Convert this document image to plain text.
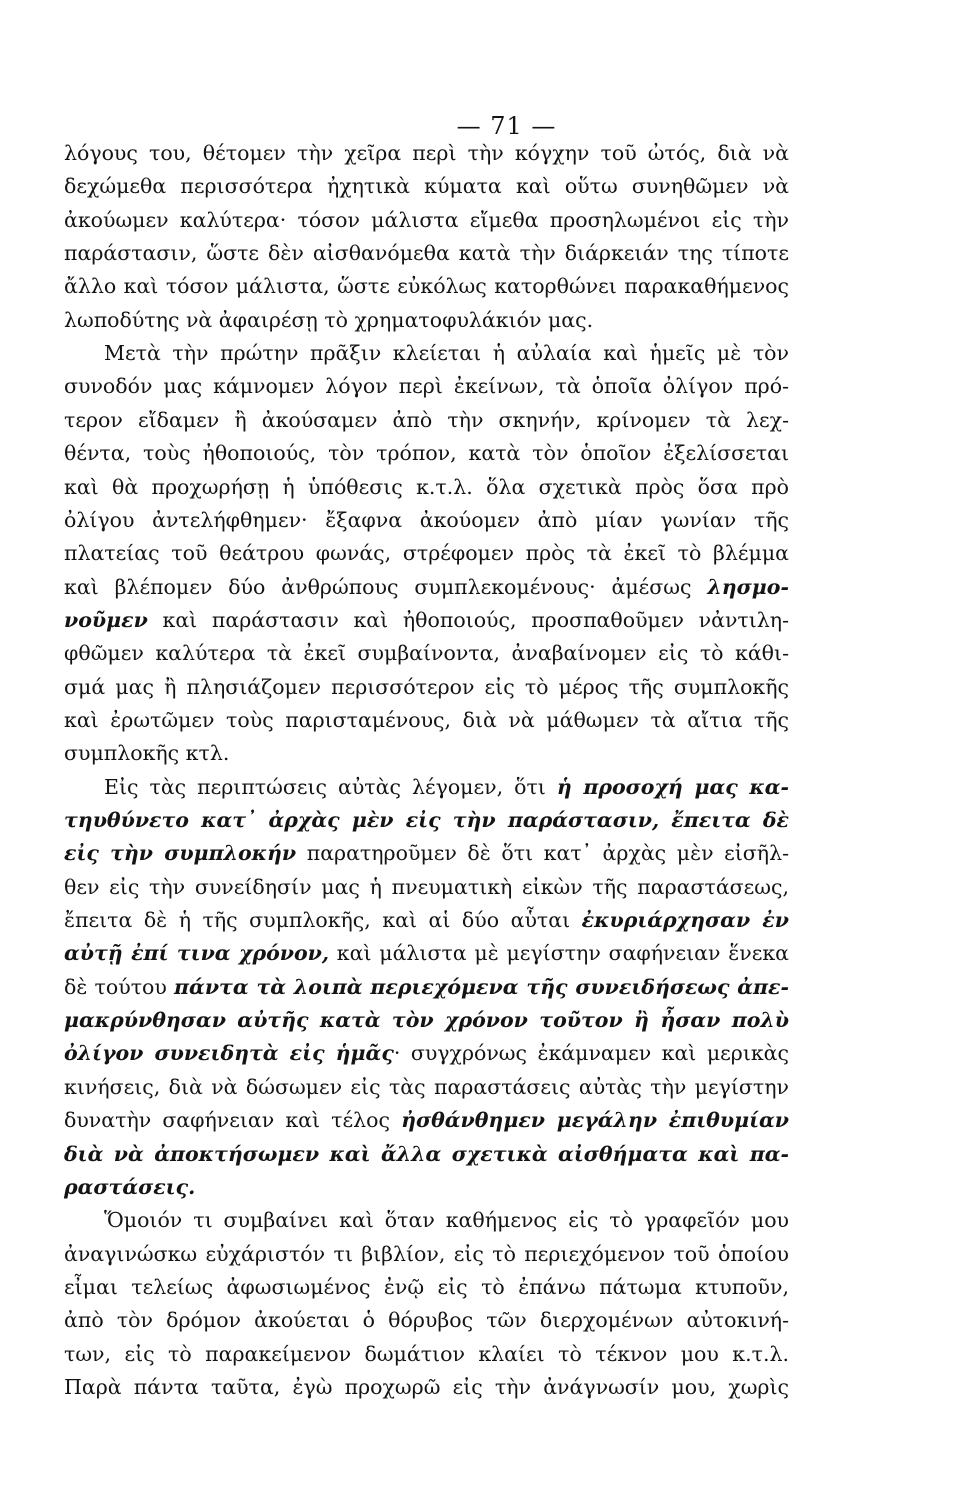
— 71 —
λόγους του, θέτομεν τὴν χεῖρα περὶ τὴν κόγχην τοῦ ὠτός, διὰ νὰ
δεχώμεθα περισσότερα ἠχητικὰ κύματα καὶ οὕτω συνηθῶμεν νὰ
ἀκούωμεν καλύτερα· τόσον μάλιστα εἴμεθα προσηλωμένοι εἰς τὴν
παράστασιν, ὥστε δὲν αἰσθανόμεθα κατὰ τὴν διάρκειάν της τίποτε
ἄλλο καὶ τόσον μάλιστα, ὥστε εὐκόλως κατορθώνει παρακαθήμενος
λωποδύτης νὰ ἀφαιρέσῃ τὸ χρηματοφυλάκιόν μας.
Μετὰ τὴν πρώτην πρᾶξιν κλείεται ἡ αὐλαία καὶ ἡμεῖς μὲ τὸν
συνοδόν μας κάμνομεν λόγον περὶ ἐκείνων, τὰ ὁποῖα ὀλίγον πρό-
τερον εἴδαμεν ἢ ἀκούσαμεν ἀπὸ τὴν σκηνήν, κρίνομεν τὰ λεχ-
θέντα, τοὺς ἠθοποιούς, τὸν τρόπον, κατὰ τὸν ὁποῖον ἐξελίσσεται
καὶ θὰ προχωρήσῃ ἡ ὑπόθεσις κ.τ.λ. ὅλα σχετικὰ πρὸς ὅσα πρὸ
ὀλίγου ἀντελήφθημεν· ἔξαφνα ἀκούομεν ἀπὸ μίαν γωνίαν τῆς
πλατείας τοῦ θεάτρου φωνάς, στρέφομεν πρὸς τὰ ἐκεῖ τὸ βλέμμα
καὶ βλέπομεν δύο ἀνθρώπους συμπλεκομένους· ἀμέσως λησμο-
νοῦμεν καὶ παράστασιν καὶ ἠθοποιούς, προσπαθοῦμεν νἀντιλη-
φθῶμεν καλύτερα τὰ ἐκεῖ συμβαίνοντα, ἀναβαίνομεν εἰς τὸ κάθι-
σμά μας ἢ πλησιάζομεν περισσότερον εἰς τὸ μέρος τῆς συμπλοκῆς
καὶ ἐρωτῶμεν τοὺς παρισταμένους, διὰ νὰ μάθωμεν τὰ αἴτια τῆς
συμπλοκῆς κτλ.
Εἰς τὰς περιπτώσεις αὐτὰς λέγομεν, ὅτι ἡ προσοχή μας κα-
τηυθύνετο κατ᾿ ἀρχὰς μὲν εἰς τὴν παράστασιν, ἔπειτα δὲ
εἰς τὴν συμπλοκήν παρατηροῦμεν δὲ ὅτι κατ᾿ ἀρχὰς μὲν εἰσῆλ-
θεν εἰς τὴν συνείδησίν μας ἡ πνευματικὴ εἰκὼν τῆς παραστάσεως,
ἔπειτα δὲ ἡ τῆς συμπλοκῆς, καὶ αἱ δύο αὗται ἐκυριάρχησαν ἐν
αὐτῇ ἐπί τινα χρόνον, καὶ μάλιστα μὲ μεγίστην σαφήνειαν ἕνεκα
δὲ τούτου πάντα τὰ λοιπὰ περιεχόμενα τῆς συνειδήσεως ἀπε-
μακρύνθησαν αὐτῆς κατὰ τὸν χρόνον τοῦτον ἢ ἦσαν πολὺ
ὀλίγον συνειδητὰ εἰς ἡμᾶς· συγχρόνως ἐκάμναμεν καὶ μερικὰς
κινήσεις, διὰ νὰ δώσωμεν εἰς τὰς παραστάσεις αὐτὰς τὴν μεγίστην
δυνατὴν σαφήνειαν καὶ τέλος ἠσθάνθημεν μεγάλην ἐπιθυμίαν
διὰ νὰ ἀποκτήσωμεν καὶ ἄλλα σχετικὰ αἰσθήματα καὶ πα-
ραστάσεις.
Ὅμοιόν τι συμβαίνει καὶ ὅταν καθήμενος εἰς τὸ γραφεῖόν μου
ἀναγινώσκω εὐχάριστόν τι βιβλίον, εἰς τὸ περιεχόμενον τοῦ ὁποίου
εἶμαι τελείως ἀφωσιωμένος ἐνῷ εἰς τὸ ἐπάνω πάτωμα κτυποῦν,
ἀπὸ τὸν δρόμον ἀκούεται ὁ θόρυβος τῶν διερχομένων αὐτοκινή-
των, εἰς τὸ παρακείμενον δωμάτιον κλαίει τὸ τέκνον μου κ.τ.λ.
Παρὰ πάντα ταῦτα, ἐγὼ προχωρῶ εἰς τὴν ἀνάγνωσίν μου, χωρὶς
